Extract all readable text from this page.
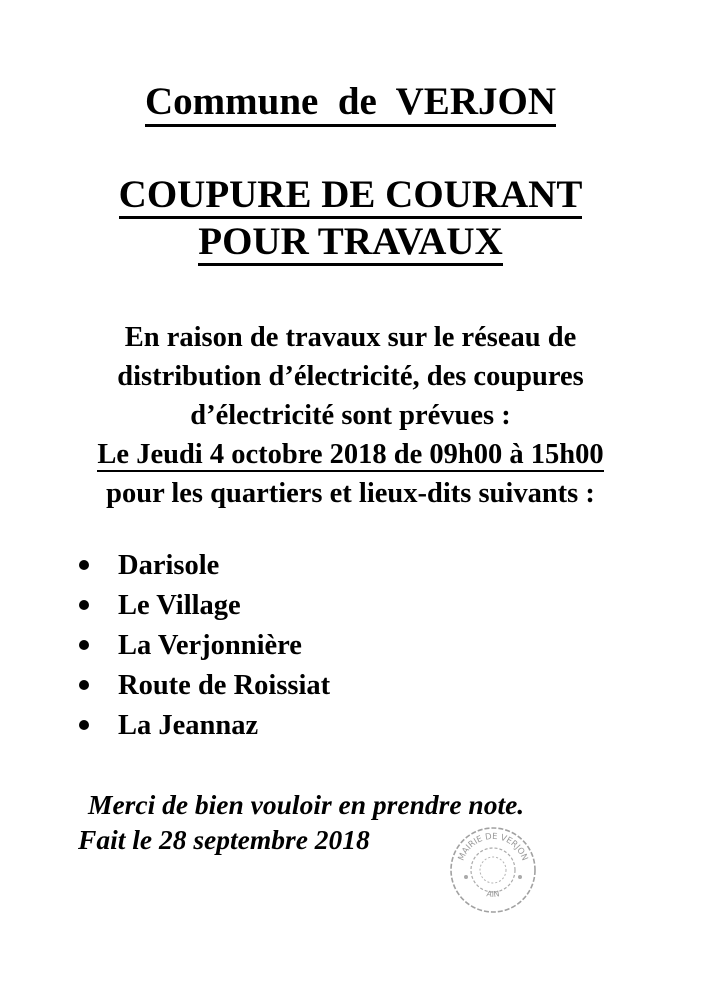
Commune  de  VERJON
COUPURE DE COURANT
POUR TRAVAUX
En raison de travaux sur le réseau de
distribution d’électricité, des coupures
d’électricité sont prévues :
Le Jeudi 4 octobre 2018 de 09h00 à 15h00
pour les quartiers et lieux-dits suivants :
Darisole
Le Village
La Verjonnière
Route de Roissiat
La Jeannaz
Merci de bien vouloir en prendre note.
Fait le 28 septembre 2018
MAIRIE DE VERJON
AIN
